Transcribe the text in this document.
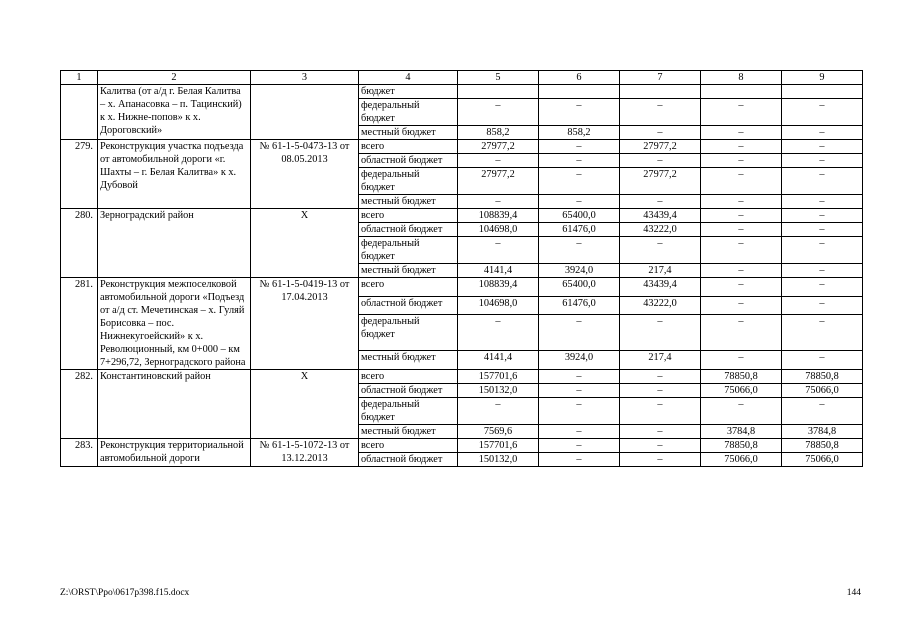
1	2	3	4	5	6	7	8	9
	Калитва (от а/д г. Белая Калитва – х. Апанасовка – п. Тацинский) к х. Нижне-попов» к х. Дороговский»		бюджет					
			федеральный бюджет	–	–	–	–	–
			местный бюджет	858,2	858,2	–	–	–
279.	Реконструкция участка подъезда от автомобильной дороги «г. Шахты – г. Белая Калитва» к х. Дубовой	№ 61-1-5-0473-13 от 08.05.2013	всего	27977,2	–	27977,2	–	–
			областной бюджет	–	–	–	–	–
			федеральный бюджет	27977,2	–	27977,2	–	–
			местный бюджет	–	–	–	–	–
280.	Зерноградский район	Х	всего	108839,4	65400,0	43439,4	–	–
			областной бюджет	104698,0	61476,0	43222,0	–	–
			федеральный бюджет	–	–	–	–	–
			местный бюджет	4141,4	3924,0	217,4	–	–
281.	Реконструкция межпоселковой автомобильной дороги «Подъезд от а/д ст. Мечетинская – х. Гуляй Борисовка – пос. Нижнекугоейский» к х. Революционный, км 0+000 – км 7+296,72, Зерноградского района	№ 61-1-5-0419-13 от 17.04.2013	всего	108839,4	65400,0	43439,4	–	–
			областной бюджет	104698,0	61476,0	43222,0	–	–
			федеральный бюджет	–	–	–	–	–
			местный бюджет	4141,4	3924,0	217,4	–	–
282.	Константиновский район	Х	всего	157701,6	–	–	78850,8	78850,8
			областной бюджет	150132,0	–	–	75066,0	75066,0
			федеральный бюджет	–	–	–	–	–
			местный бюджет	7569,6	–	–	3784,8	3784,8
283.	Реконструкция территориальной автомобильной дороги	№ 61-1-5-1072-13 от 13.12.2013	всего	157701,6	–	–	78850,8	78850,8
			областной бюджет	150132,0	–	–	75066,0	75066,0
Z:\ORST\Ppo\0617p398.f15.docx	144
